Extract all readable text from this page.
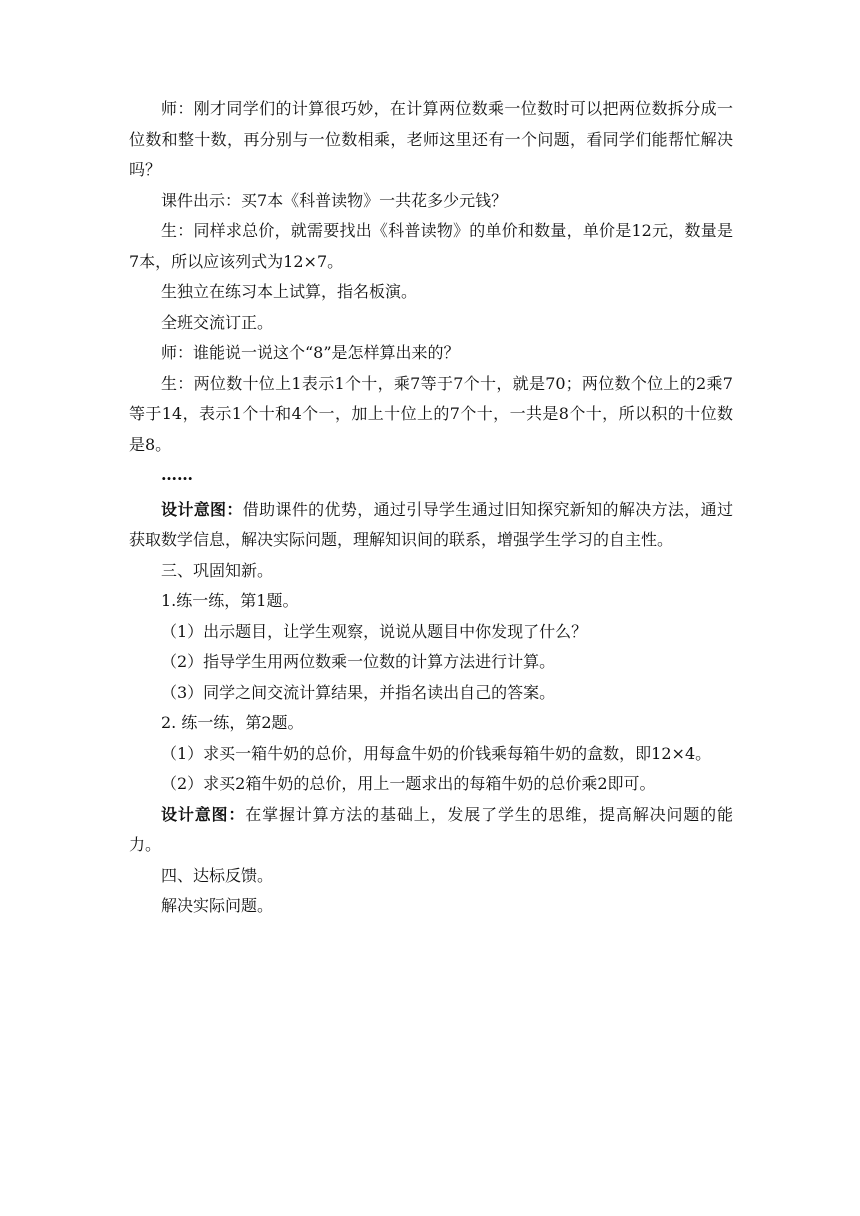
师：刚才同学们的计算很巧妙，在计算两位数乘一位数时可以把两位数拆分成一位数和整十数，再分别与一位数相乘，老师这里还有一个问题，看同学们能帮忙解决吗？

课件出示：买7本《科普读物》一共花多少元钱？

生：同样求总价，就需要找出《科普读物》的单价和数量，单价是12元，数量是7本，所以应该列式为12×7。

生独立在练习本上试算，指名板演。

全班交流订正。

师：谁能说一说这个“8”是怎样算出来的？

生：两位数十位上1表示1个十，乘7等于7个十，就是70；两位数个位上的2乘7等于14，表示1个十和4个一，加上十位上的7个十，一共是8个十，所以积的十位数是8。

……

设计意图：借助课件的优势，通过引导学生通过旧知探究新知的解决方法，通过获取数学信息，解决实际问题，理解知识间的联系，增强学生学习的自主性。

三、巩固知新。

1.练一练，第1题。

（1）出示题目，让学生观察，说说从题目中你发现了什么？

（2）指导学生用两位数乘一位数的计算方法进行计算。

（3）同学之间交流计算结果，并指名读出自己的答案。

2. 练一练，第2题。

（1）求买一箱牛奶的总价，用每盒牛奶的价钱乘每箱牛奶的盒数，即12×4。

（2）求买2箱牛奶的总价，用上一题求出的每箱牛奶的总价乘2即可。

设计意图：在掌握计算方法的基础上，发展了学生的思维，提高解决问题的能力。

四、达标反馈。

解决实际问题。
